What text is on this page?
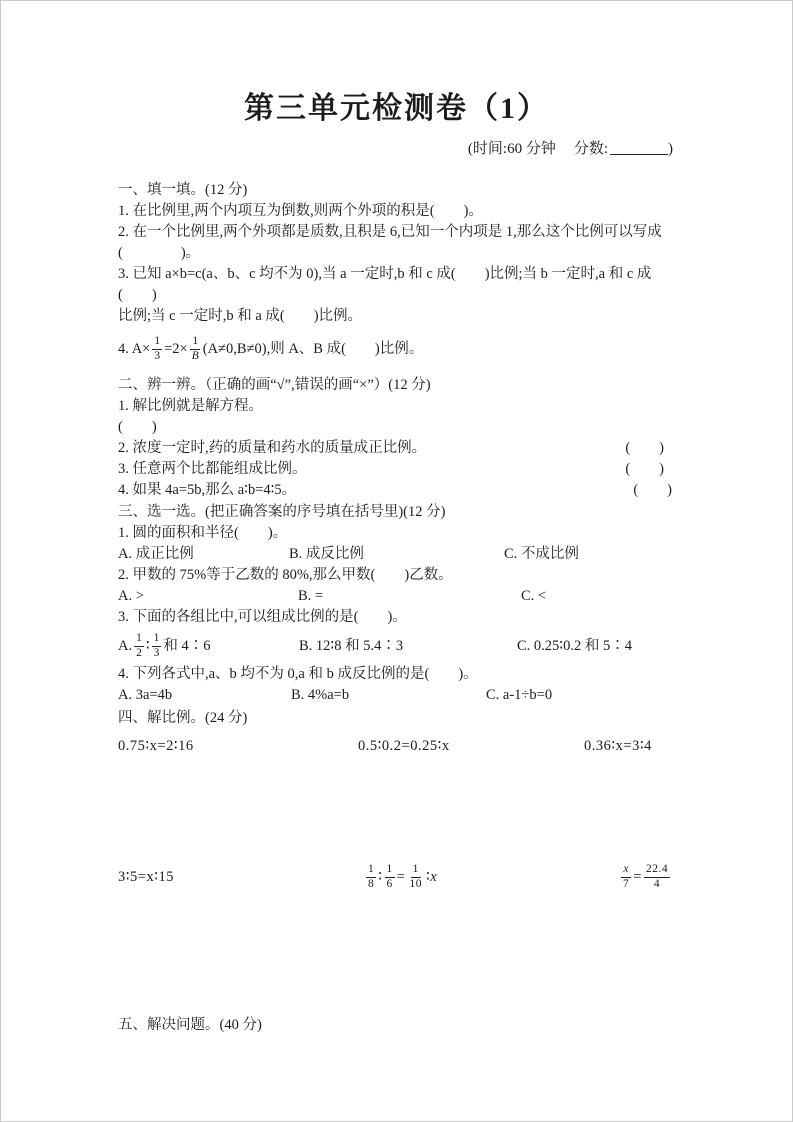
第三单元检测卷（1）

(时间:60 分钟 分数:	)

一、填一填。(12 分)

1. 在比例里,两个内项互为倒数,则两个外项的积是(　　)。

2. 在一个比例里,两个外项都是质数,且积是 6,已知一个内项是 1,那么这个比例可以写成

(　　　　)。

3. 已知 a×b=c(a、b、c 均不为 0),当 a 一定时,b 和 c 成(　　)比例;当 b 一定时,a 和 c 成(　　)

比例;当 c 一定时,b 和 a 成(　　)比例。

4. $A\times \frac{1}{3} =2\times \frac{1}{B} (A\ne 0,B\ne 0)$,则 A、B 成(　　)比例。

二、辨一辨。（正确的画“√”,错误的画“×”）(12 分)

1. 解比例就是解方程。

(　　)

2. 浓度一定时,药的质量和药水的质量成正比例。	(　　)

3. 任意两个比都能组成比例。	(　　)

4. 如果 4a=5b,那么 a∶b=4∶5。	(　　)

三、选一选。(把正确答案的序号填在括号里)(12 分)

1. 圆的面积和半径(　　)。

A. 成正比例	B. 成反比例	C. 不成比例

2. 甲数的 75%等于乙数的 80%,那么甲数(　　)乙数。

A. >	B. =	C. <

3. 下面的各组比中,可以组成比例的是(　　)。

A. $\frac{1}{2}$ ∶ $\frac{1}{3}$ 和 4∶6	B. 12∶8 和 5.4∶3	C. 0.25∶0.2 和 5∶4

4. 下列各式中,a、b 均不为 0,a 和 b 成反比例的是(　　)。

A. 3a=4b	B. 4%a=b	C. a-1÷b=0

四、解比例。(24 分)

0.75∶x=2∶16	0.5∶0.2=0.25∶x	0.36∶x=3∶4
3∶5=x∶15	$\frac{1}{8}$ ∶ $\frac{1}{6} = \frac{1}{10}$ ∶ x	$\frac{x}{7} = \frac{22.4}{4}$

五、解决问题。(40 分)
